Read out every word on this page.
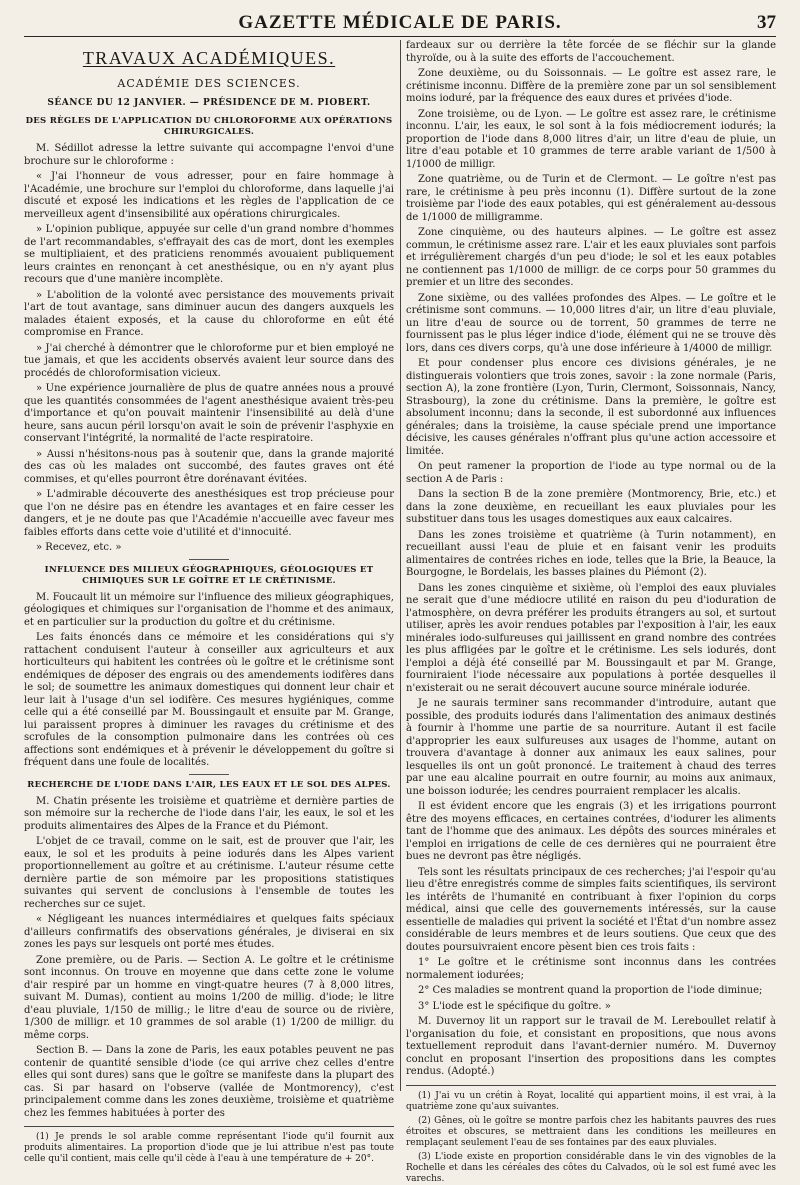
GAZETTE MÉDICALE DE PARIS.	37
TRAVAUX ACADÉMIQUES.
ACADÉMIE DES SCIENCES.
SÉANCE DU 12 JANVIER. — PRÉSIDENCE DE M. PIOBERT.
DES RÈGLES DE L'APPLICATION DU CHLOROFORME AUX OPÉRATIONS CHIRURGICALES.

M. Sédillot adresse la lettre suivante qui accompagne l'envoi d'une brochure sur le chloroforme :

« J'ai l'honneur de vous adresser, pour en faire hommage à l'Académie, une brochure sur l'emploi du chloroforme, dans laquelle j'ai discuté et exposé les indications et les règles de l'application de ce merveilleux agent d'insensibilité aux opérations chirurgicales.

» L'opinion publique, appuyée sur celle d'un grand nombre d'hommes de l'art recommandables, s'effrayait des cas de mort, dont les exemples se multipliaient, et des praticiens renommés avouaient publiquement leurs craintes en renonçant à cet anesthésique, ou en n'y ayant plus recours que d'une manière incomplète.

» L'abolition de la volonté avec persistance des mouvements privait l'art de tout avantage, sans diminuer aucun des dangers auxquels les malades étaient exposés, et la cause du chloroforme en eût été compromise en France.

» J'ai cherché à démontrer que le chloroforme pur et bien employé ne tue jamais, et que les accidents observés avaient leur source dans des procédés de chloroformisation vicieux.

» Une expérience journalière de plus de quatre années nous a prouvé que les quantités consommées de l'agent anesthésique avaient très-peu d'importance et qu'on pouvait maintenir l'insensibilité au delà d'une heure, sans aucun péril lorsqu'on avait le soin de prévenir l'asphyxie en conservant l'intégrité, la normalité de l'acte respiratoire.

» Aussi n'hésitons-nous pas à soutenir que, dans la grande majorité des cas où les malades ont succombé, des fautes graves ont été commises, et qu'elles pourront être dorénavant évitées.

» L'admirable découverte des anesthésiques est trop précieuse pour que l'on ne désire pas en étendre les avantages et en faire cesser les dangers, et je ne doute pas que l'Académie n'accueille avec faveur mes faibles efforts dans cette voie d'utilité et d'innocuité.

» Recevez, etc. »

INFLUENCE DES MILIEUX GÉOGRAPHIQUES, GÉOLOGIQUES ET CHIMIQUES SUR LE GOÎTRE ET LE CRÉTINISME.

M. Foucault lit un mémoire sur l'influence des milieux géographiques, géologiques et chimiques sur l'organisation de l'homme et des animaux, et en particulier sur la production du goître et du crétinisme.

Les faits énoncés dans ce mémoire et les considérations qui s'y rattachent conduisent l'auteur à conseiller aux agriculteurs et aux horticulteurs qui habitent les contrées où le goître et le crétinisme sont endémiques de déposer des engrais ou des amendements iodifères dans le sol; de soumettre les animaux domestiques qui donnent leur chair et leur lait à l'usage d'un sel iodifère. Ces mesures hygiéniques, comme celle qui a été conseillé par M. Boussingault et ensuite par M. Grange, lui paraissent propres à diminuer les ravages du crétinisme et des scrofules de la consomption pulmonaire dans les contrées où ces affections sont endémiques et à prévenir le développement du goître si fréquent dans une foule de localités.

RECHERCHE DE L'IODE DANS L'AIR, LES EAUX ET LE SOL DES ALPES.

M. Chatin présente les troisième et quatrième et dernière parties de son mémoire sur la recherche de l'iode dans l'air, les eaux, le sol et les produits alimentaires des Alpes de la France et du Piémont.

L'objet de ce travail, comme on le sait, est de prouver que l'air, les eaux, le sol et les produits à peine iodurés dans les Alpes varient proportionnellement au goître et au crétinisme. L'auteur résume cette dernière partie de son mémoire par les propositions statistiques suivantes qui servent de conclusions à l'ensemble de toutes les recherches sur ce sujet.

« Négligeant les nuances intermédiaires et quelques faits spéciaux d'ailleurs confirmatifs des observations générales, je diviserai en six zones les pays sur lesquels ont porté mes études.

Zone première, ou de Paris. — Section A. Le goître et le crétinisme sont inconnus. On trouve en moyenne que dans cette zone le volume d'air respiré par un homme en vingt-quatre heures (7 à 8,000 litres, suivant M. Dumas), contient au moins 1/200 de millig. d'iode; le litre d'eau pluviale, 1/150 de millig.; le litre d'eau de source ou de rivière, 1/300 de milligr. et 10 grammes de sol arable (1) 1/200 de milligr. du même corps.

Section B. — Dans la zone de Paris, les eaux potables peuvent ne pas contenir de quantité sensible d'iode (ce qui arrive chez celles d'entre elles qui sont dures) sans que le goître se manifeste dans la plupart des cas. Si par hasard on l'observe (vallée de Montmorency), c'est principalement comme dans les zones deuxième, troisième et quatrième chez les femmes habituées à porter des

(1) Je prends le sol arable comme représentant l'iode qu'il fournit aux produits alimentaires. La proportion d'iode que je lui attribue n'est pas toute celle qu'il contient, mais celle qu'il cède à l'eau à une température de + 20°.

fardeaux sur ou derrière la tête forcée de se fléchir sur la glande thyroïde, ou à la suite des efforts de l'accouchement.

Zone deuxième, ou du Soissonnais. — Le goître est assez rare, le crétinisme inconnu. Diffère de la première zone par un sol sensiblement moins ioduré, par la fréquence des eaux dures et privées d'iode.

Zone troisième, ou de Lyon. — Le goître est assez rare, le crétinisme inconnu. L'air, les eaux, le sol sont à la fois médiocrement iodurés; la proportion de l'iode dans 8,000 litres d'air, un litre d'eau de pluie, un litre d'eau potable et 10 grammes de terre arable variant de 1/500 à 1/1000 de milligr.

Zone quatrième, ou de Turin et de Clermont. — Le goître n'est pas rare, le crétinisme à peu près inconnu (1). Diffère surtout de la zone troisième par l'iode des eaux potables, qui est généralement au-dessous de 1/1000 de milligramme.

Zone cinquième, ou des hauteurs alpines. — Le goître est assez commun, le crétinisme assez rare. L'air et les eaux pluviales sont parfois et irrégulièrement chargés d'un peu d'iode; le sol et les eaux potables ne contiennent pas 1/1000 de milligr. de ce corps pour 50 grammes du premier et un litre des secondes.

Zone sixième, ou des vallées profondes des Alpes. — Le goître et le crétinisme sont communs. — 10,000 litres d'air, un litre d'eau pluviale, un litre d'eau de source ou de torrent, 50 grammes de terre ne fournissent pas le plus léger indice d'iode, élément qui ne se trouve dès lors, dans ces divers corps, qu'à une dose inférieure à 1/4000 de milligr.

Et pour condenser plus encore ces divisions générales, je ne distinguerais volontiers que trois zones, savoir : la zone normale (Paris, section A), la zone frontière (Lyon, Turin, Clermont, Soissonnais, Nancy, Strasbourg), la zone du crétinisme. Dans la première, le goître est absolument inconnu; dans la seconde, il est subordonné aux influences générales; dans la troisième, la cause spéciale prend une importance décisive, les causes générales n'offrant plus qu'une action accessoire et limitée.

On peut ramener la proportion de l'iode au type normal ou de la section A de Paris :

Dans la section B de la zone première (Montmorency, Brie, etc.) et dans la zone deuxième, en recueillant les eaux pluviales pour les substituer dans tous les usages domestiques aux eaux calcaires.

Dans les zones troisième et quatrième (à Turin notamment), en recueillant aussi l'eau de pluie et en faisant venir les produits alimentaires de contrées riches en iode, telles que la Brie, la Beauce, la Bourgogne, le Bordelais, les basses plaines du Piémont (2).

Dans les zones cinquième et sixième, où l'emploi des eaux pluviales ne serait que d'une médiocre utilité en raison du peu d'ioduration de l'atmosphère, on devra préférer les produits étrangers au sol, et surtout utiliser, après les avoir rendues potables par l'exposition à l'air, les eaux minérales iodo-sulfureuses qui jaillissent en grand nombre des contrées les plus affligées par le goître et le crétinisme. Les sels iodurés, dont l'emploi a déjà été conseillé par M. Boussingault et par M. Grange, fourniraient l'iode nécessaire aux populations à portée desquelles il n'existerait ou ne serait découvert aucune source minérale iodurée.

Je ne saurais terminer sans recommander d'introduire, autant que possible, des produits iodurés dans l'alimentation des animaux destinés à fournir à l'homme une partie de sa nourriture. Autant il est facile d'approprier les eaux sulfureuses aux usages de l'homme, autant on trouvera d'avantage à donner aux animaux les eaux salines, pour lesquelles ils ont un goût prononcé. Le traitement à chaud des terres par une eau alcaline pourrait en outre fournir, au moins aux animaux, une boisson iodurée; les cendres pourraient remplacer les alcalis.

Il est évident encore que les engrais (3) et les irrigations pourront être des moyens efficaces, en certaines contrées, d'iodurer les aliments tant de l'homme que des animaux. Les dépôts des sources minérales et l'emploi en irrigations de celle de ces dernières qui ne pourraient être bues ne devront pas être négligés.

Tels sont les résultats principaux de ces recherches; j'ai l'espoir qu'au lieu d'être enregistrés comme de simples faits scientifiques, ils serviront les intérêts de l'humanité en contribuant à fixer l'opinion du corps médical, ainsi que celle des gouvernements intéressés, sur la cause essentielle de maladies qui privent la société et l'État d'un nombre assez considérable de leurs membres et de leurs soutiens. Que ceux que des doutes poursuivraient encore pèsent bien ces trois faits :

1° Le goître et le crétinisme sont inconnus dans les contrées normalement iodurées;

2° Ces maladies se montrent quand la proportion de l'iode diminue;

3° L'iode est le spécifique du goître. »

M. Duvernoy lit un rapport sur le travail de M. Lereboullet relatif à l'organisation du foie, et consistant en propositions, que nous avons textuellement reproduit dans l'avant-dernier numéro. M. Duvernoy conclut en proposant l'insertion des propositions dans les comptes rendus. (Adopté.)

(1) J'ai vu un crétin à Royat, localité qui appartient moins, il est vrai, à la quatrième zone qu'aux suivantes.

(2) Gênes, où le goître se montre parfois chez les habitants pauvres des rues étroites et obscures, se mettraient dans les conditions les meilleures en remplaçant seulement l'eau de ses fontaines par des eaux pluviales.

(3) L'iode existe en proportion considérable dans le vin des vignobles de la Rochelle et dans les céréales des côtes du Calvados, où le sol est fumé avec les varechs.
